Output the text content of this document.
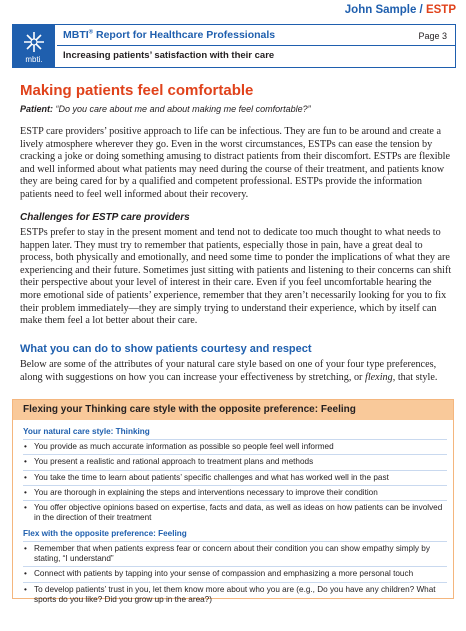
John Sample / ESTP
mbti.
MBTI® Report for Healthcare Professionals	Page 3
Increasing patients’ satisfaction with their care
Making patients feel comfortable
Patient: “Do you care about me and about making me feel comfortable?”

ESTP care providers’ positive approach to life can be infectious. They are fun to be around and create a lively atmosphere wherever they go. Even in the worst circumstances, ESTPs can ease the tension by cracking a joke or doing something amusing to distract patients from their discomfort. ESTPs are flexible and well informed about what patients may need during the course of their treatment, and patients know they are being cared for by a qualified and competent professional. ESTPs provide the information patients need to feel well informed about their recovery.

Challenges for ESTP care providers

ESTPs prefer to stay in the present moment and tend not to dedicate too much thought to what needs to happen later. They must try to remember that patients, especially those in pain, have a great deal to process, both physically and emotionally, and need some time to ponder the implications of what they are experiencing and their future. Sometimes just sitting with patients and listening to their concerns can shift their perspective about your level of interest in their care. Even if you feel uncomfortable hearing the more emotional side of patients’ experience, remember that they aren’t necessarily looking for you to fix their problem immediately—they are simply trying to understand their experience, which by itself can make them feel a lot better about their care.

What you can do to show patients courtesy and respect

Below are some of the attributes of your natural care style based on one of your four type preferences, along with suggestions on how you can increase your effectiveness by stretching, or flexing, that style.

Flexing your Thinking care style with the opposite preference: Feeling
Your natural care style: Thinking
• You provide as much accurate information as possible so people feel well informed
• You present a realistic and rational approach to treatment plans and methods
• You take the time to learn about patients’ specific challenges and what has worked well in the past
• You are thorough in explaining the steps and interventions necessary to improve their condition
• You offer objective opinions based on expertise, facts and data, as well as ideas on how patients can be involved in the direction of their treatment
Flex with the opposite preference: Feeling
• Remember that when patients express fear or concern about their condition you can show empathy simply by stating, “I understand”
• Connect with patients by tapping into your sense of compassion and emphasizing a more personal touch
• To develop patients’ trust in you, let them know more about who you are (e.g., Do you have any children? What sports do you like? Did you grow up in the area?)
